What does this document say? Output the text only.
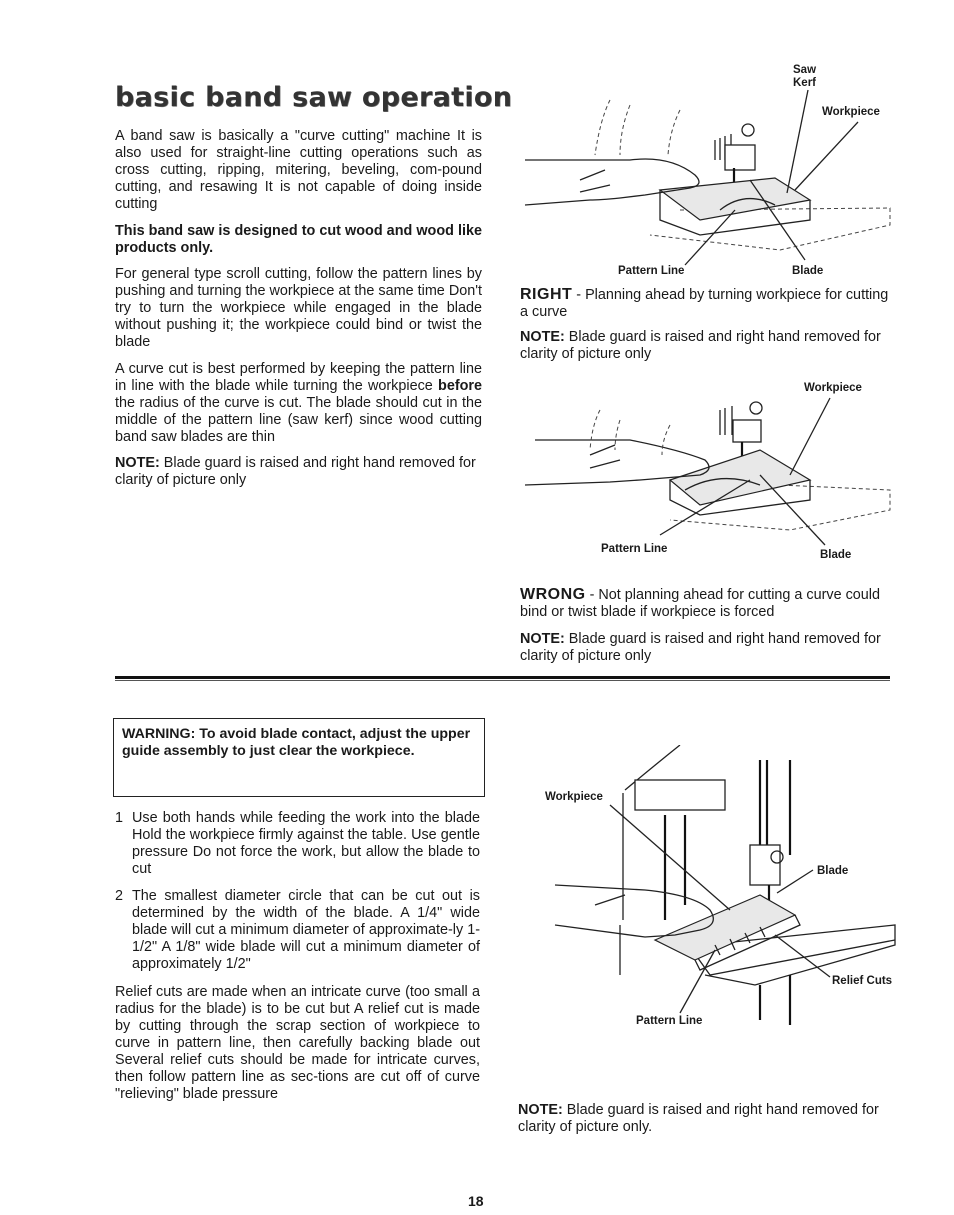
basic band saw operation
A band saw is basically a "curve cutting" machine It is also used for straight-line cutting operations such as cross cutting, ripping, mitering, beveling, com-pound cutting, and resawing It is not capable of doing inside cutting
This band saw is designed to cut wood and wood like products only.
For general type scroll cutting, follow the pattern lines by pushing and turning the workpiece at the same time Don't try to turn the workpiece while engaged in the blade without pushing it; the workpiece could bind or twist the blade
A curve cut is best performed by keeping the pattern line in line with the blade while turning the workpiece before the radius of the curve is cut. The blade should cut in the middle of the pattern line (saw kerf) since wood cutting band saw blades are thin
NOTE: Blade guard is raised and right hand removed for clarity of picture only
Saw
Kerf
Workpiece
Pattern Line	Blade
RIGHT - Planning ahead by turning workpiece for cutting a curve
NOTE: Blade guard is raised and right hand removed for clarity of picture only
Workpiece
Pattern Line	Blade
WRONG - Not planning ahead for cutting a curve could bind or twist blade if workpiece is forced
NOTE: Blade guard is raised and right hand removed for clarity of picture only
WARNING: To avoid blade contact, adjust the upper guide assembly to just clear the workpiece.
1 Use both hands while feeding the work into the blade Hold the workpiece firmly against the table. Use gentle pressure Do not force the work, but allow the blade to cut
2 The smallest diameter circle that can be cut out is determined by the width of the blade. A 1/4" wide blade will cut a minimum diameter of approximate-ly 1-1/2" A 1/8" wide blade will cut a minimum diameter of approximately 1/2"
Relief cuts are made when an intricate curve (too small a radius for the blade) is to be cut but A relief cut is made by cutting through the scrap section of workpiece to curve in pattern line, then carefully backing blade out Several relief cuts should be made for intricate curves, then follow pattern line as sec-tions are cut off of curve "relieving" blade pressure
Workpiece
Blade
Relief Cuts
Pattern Line
NOTE: Blade guard is raised and right hand removed for clarity of picture only.
18
